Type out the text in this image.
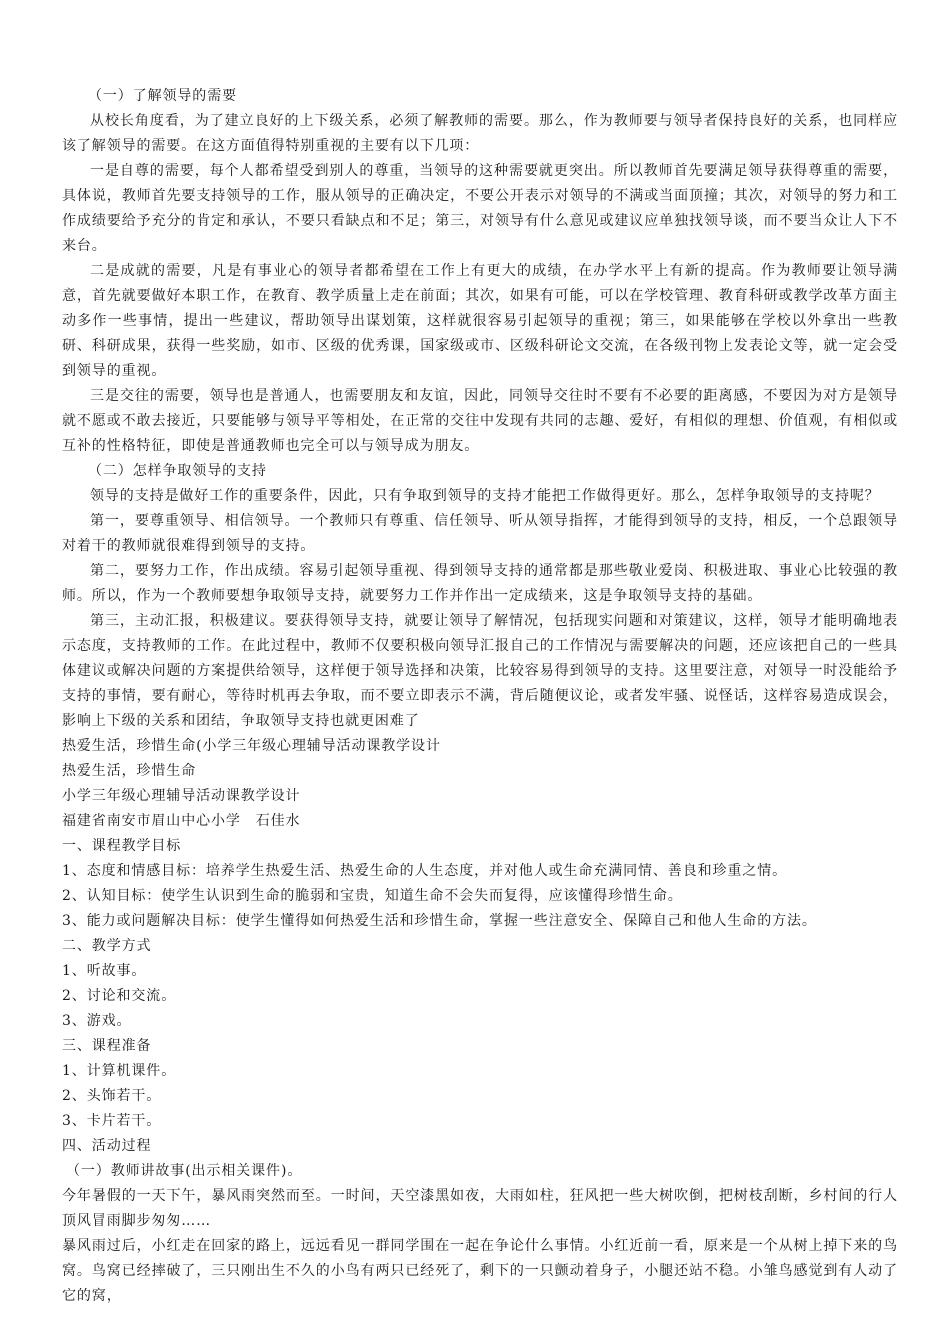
（一）了解领导的需要

从校长角度看，为了建立良好的上下级关系，必须了解教师的需要。那么，作为教师要与领导者保持良好的关系，也同样应该了解领导的需要。在这方面值得特别重视的主要有以下几项：

一是自尊的需要，每个人都希望受到别人的尊重，当领导的这种需要就更突出。所以教师首先要满足领导获得尊重的需要，具体说，教师首先要支持领导的工作，服从领导的正确决定，不要公开表示对领导的不满或当面顶撞；其次，对领导的努力和工作成绩要给予充分的肯定和承认，不要只看缺点和不足；第三，对领导有什么意见或建议应单独找领导谈，而不要当众让人下不来台。

二是成就的需要，凡是有事业心的领导者都希望在工作上有更大的成绩，在办学水平上有新的提高。作为教师要让领导满意，首先就要做好本职工作，在教育、教学质量上走在前面；其次，如果有可能，可以在学校管理、教育科研或教学改革方面主动多作一些事情，提出一些建议，帮助领导出谋划策，这样就很容易引起领导的重视；第三，如果能够在学校以外拿出一些教研、科研成果，获得一些奖励，如市、区级的优秀课，国家级或市、区级科研论文交流，在各级刊物上发表论文等，就一定会受到领导的重视。

三是交往的需要，领导也是普通人，也需要朋友和友谊，因此，同领导交往时不要有不必要的距离感，不要因为对方是领导就不愿或不敢去接近，只要能够与领导平等相处，在正常的交往中发现有共同的志趣、爱好，有相似的理想、价值观，有相似或互补的性格特征，即使是普通教师也完全可以与领导成为朋友。

（二）怎样争取领导的支持

领导的支持是做好工作的重要条件，因此，只有争取到领导的支持才能把工作做得更好。那么，怎样争取领导的支持呢？

第一，要尊重领导、相信领导。一个教师只有尊重、信任领导、听从领导指挥，才能得到领导的支持，相反，一个总跟领导对着干的教师就很难得到领导的支持。

第二，要努力工作，作出成绩。容易引起领导重视、得到领导支持的通常都是那些敬业爱岗、积极进取、事业心比较强的教师。所以，作为一个教师要想争取领导支持，就要努力工作并作出一定成绩来，这是争取领导支持的基础。

第三，主动汇报，积极建议。要获得领导支持，就要让领导了解情况，包括现实问题和对策建议，这样，领导才能明确地表示态度，支持教师的工作。在此过程中，教师不仅要积极向领导汇报自己的工作情况与需要解决的问题，还应该把自己的一些具体建议或解决问题的方案提供给领导，这样便于领导选择和决策，比较容易得到领导的支持。这里要注意，对领导一时没能给予支持的事情，要有耐心，等待时机再去争取，而不要立即表示不满，背后随便议论，或者发牢骚、说怪话，这样容易造成误会，影响上下级的关系和团结，争取领导支持也就更困难了

热爱生活，珍惜生命(小学三年级心理辅导活动课教学设计

热爱生活，珍惜生命

小学三年级心理辅导活动课教学设计

福建省南安市眉山中心小学　石佳水

一、课程教学目标

1、态度和情感目标：培养学生热爱生活、热爱生命的人生态度，并对他人或生命充满同情、善良和珍重之情。

2、认知目标：使学生认识到生命的脆弱和宝贵，知道生命不会失而复得，应该懂得珍惜生命。

3、能力或问题解决目标：使学生懂得如何热爱生活和珍惜生命，掌握一些注意安全、保障自己和他人生命的方法。

二、教学方式

1、听故事。

2、讨论和交流。

3、游戏。

三、课程准备

1、计算机课件。

2、头饰若干。

3、卡片若干。

四、活动过程

（一）教师讲故事(出示相关课件)。

今年暑假的一天下午，暴风雨突然而至。一时间，天空漆黑如夜，大雨如柱，狂风把一些大树吹倒，把树枝刮断，乡村间的行人顶风冒雨脚步匆匆……

暴风雨过后，小红走在回家的路上，远远看见一群同学围在一起在争论什么事情。小红近前一看，原来是一个从树上掉下来的鸟窝。鸟窝已经摔破了，三只刚出生不久的小鸟有两只已经死了，剩下的一只颤动着身子，小腿还站不稳。小雏鸟感觉到有人动了它的窝，
